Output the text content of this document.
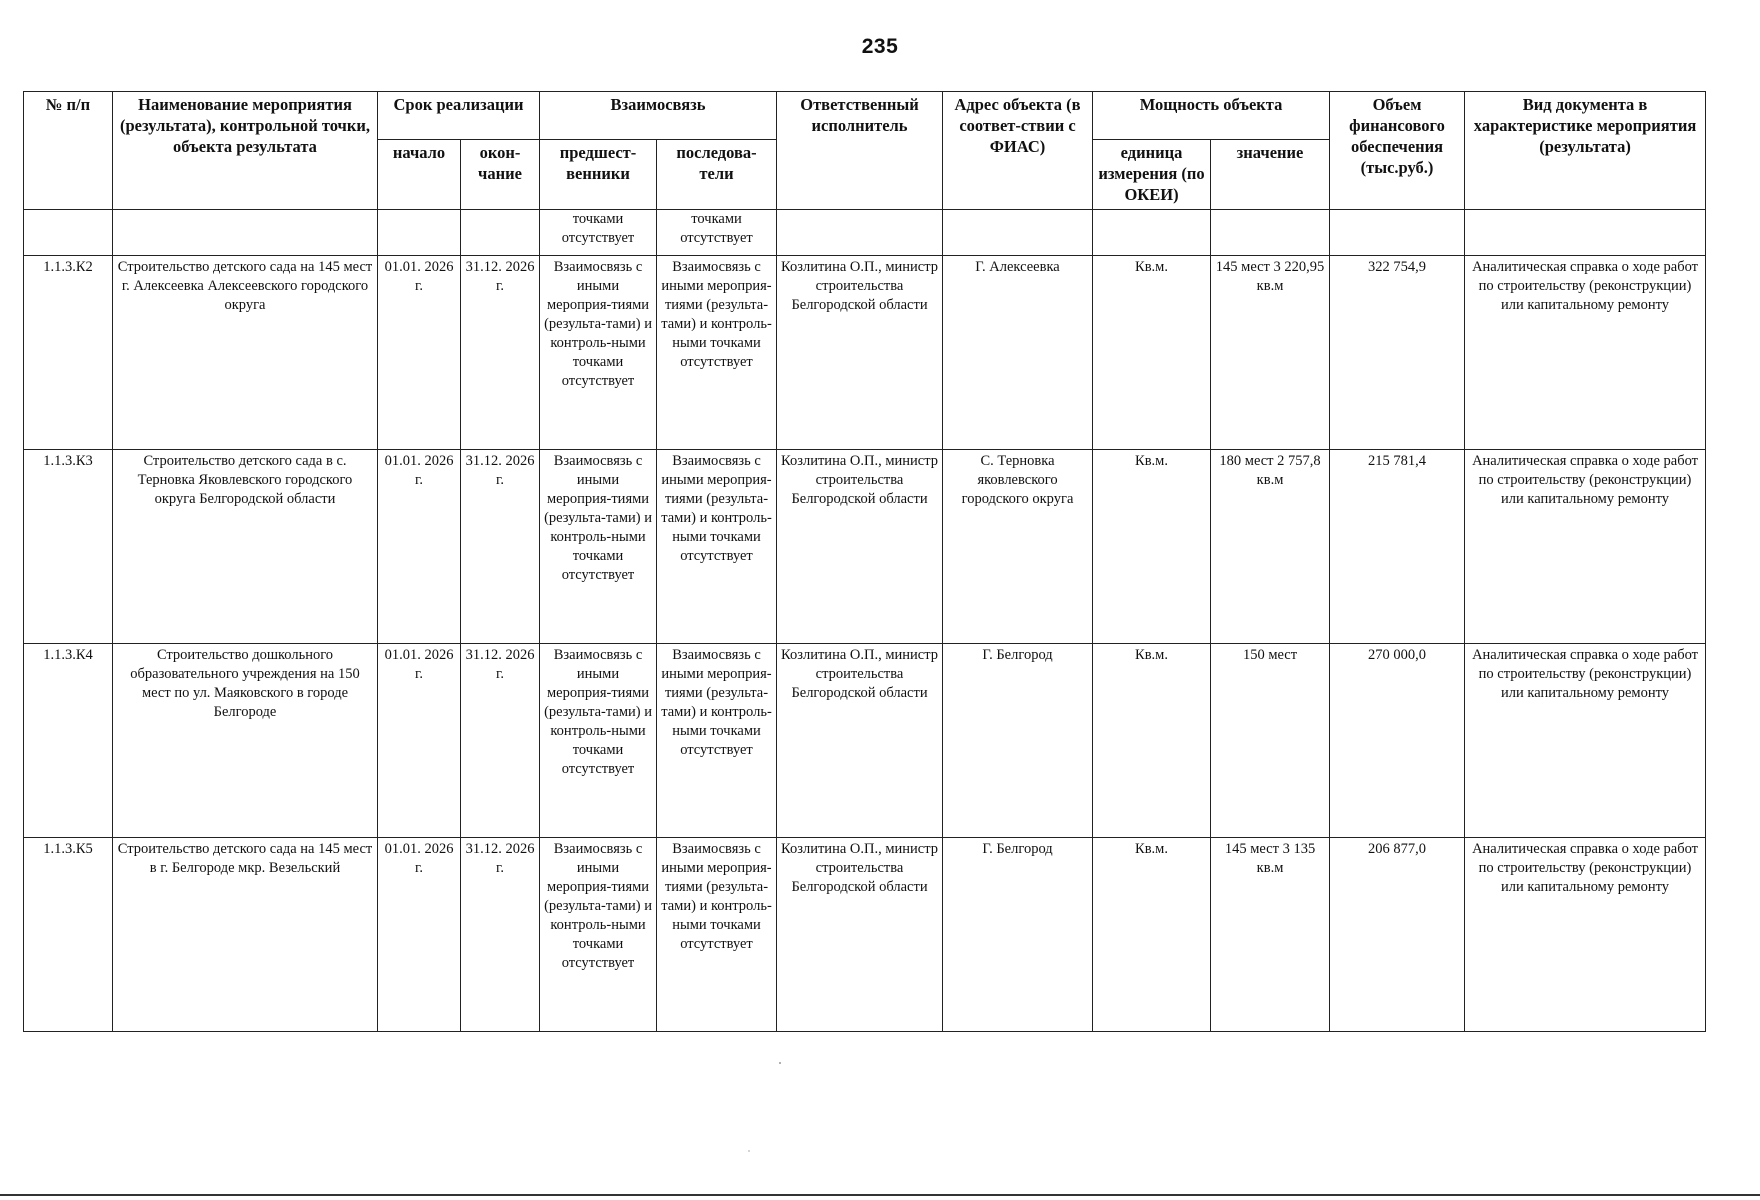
235
№ п/п	Наименование мероприятия (результата), контрольной точки, объекта результата	Срок реализации		Взаимосвязь		Ответственный исполнитель	Адрес объекта (в соответ-ствии с ФИАС)	Мощность объекта		Объем финансового обеспечения (тыс.руб.)	Вид документа в характеристике мероприятия (результата)
		начало	окон-чание	предшест-венники	последова-тели			единица измерения (по ОКЕИ)	значение		
				точками отсутствует	точками отсутствует						
1.1.3.К2	Строительство детского сада на 145 мест г. Алексеевка Алексеевского городского округа	01.01. 2026 г.	31.12. 2026 г.	Взаимосвязь с иными мероприя-тиями (результа-тами) и контроль-ными точками отсутствует	Взаимосвязь с иными мероприя-тиями (результа-тами) и контроль-ными точками отсутствует	Козлитина О.П., министр строительства Белгородской области	Г. Алексеевка	Кв.м.	145 мест 3 220,95 кв.м	322 754,9	Аналитическая справка о ходе работ по строительству (реконструкции) или капитальному ремонту
1.1.3.К3	Строительство детского сада в с. Терновка Яковлевского городского округа Белгородской области	01.01. 2026 г.	31.12. 2026 г.	Взаимосвязь с иными мероприя-тиями (результа-тами) и контроль-ными точками отсутствует	Взаимосвязь с иными мероприя-тиями (результа-тами) и контроль-ными точками отсутствует	Козлитина О.П., министр строительства Белгородской области	С. Терновка яковлевского городского округа	Кв.м.	180 мест 2 757,8 кв.м	215 781,4	Аналитическая справка о ходе работ по строительству (реконструкции) или капитальному ремонту
1.1.3.К4	Строительство дошкольного образовательного учреждения на 150 мест по ул. Маяковского в городе Белгороде	01.01. 2026 г.	31.12. 2026 г.	Взаимосвязь с иными мероприя-тиями (результа-тами) и контроль-ными точками отсутствует	Взаимосвязь с иными мероприя-тиями (результа-тами) и контроль-ными точками отсутствует	Козлитина О.П., министр строительства Белгородской области	Г. Белгород	Кв.м.	150 мест	270 000,0	Аналитическая справка о ходе работ по строительству (реконструкции) или капитальному ремонту
1.1.3.К5	Строительство детского сада на 145 мест в г. Белгороде мкр. Везельский	01.01. 2026 г.	31.12. 2026 г.	Взаимосвязь с иными мероприя-тиями (результа-тами) и контроль-ными точками отсутствует	Взаимосвязь с иными мероприя-тиями (результа-тами) и контроль-ными точками отсутствует	Козлитина О.П., министр строительства Белгородской области	Г. Белгород	Кв.м.	145 мест 3 135 кв.м	206 877,0	Аналитическая справка о ходе работ по строительству (реконструкции) или капитальному ремонту
